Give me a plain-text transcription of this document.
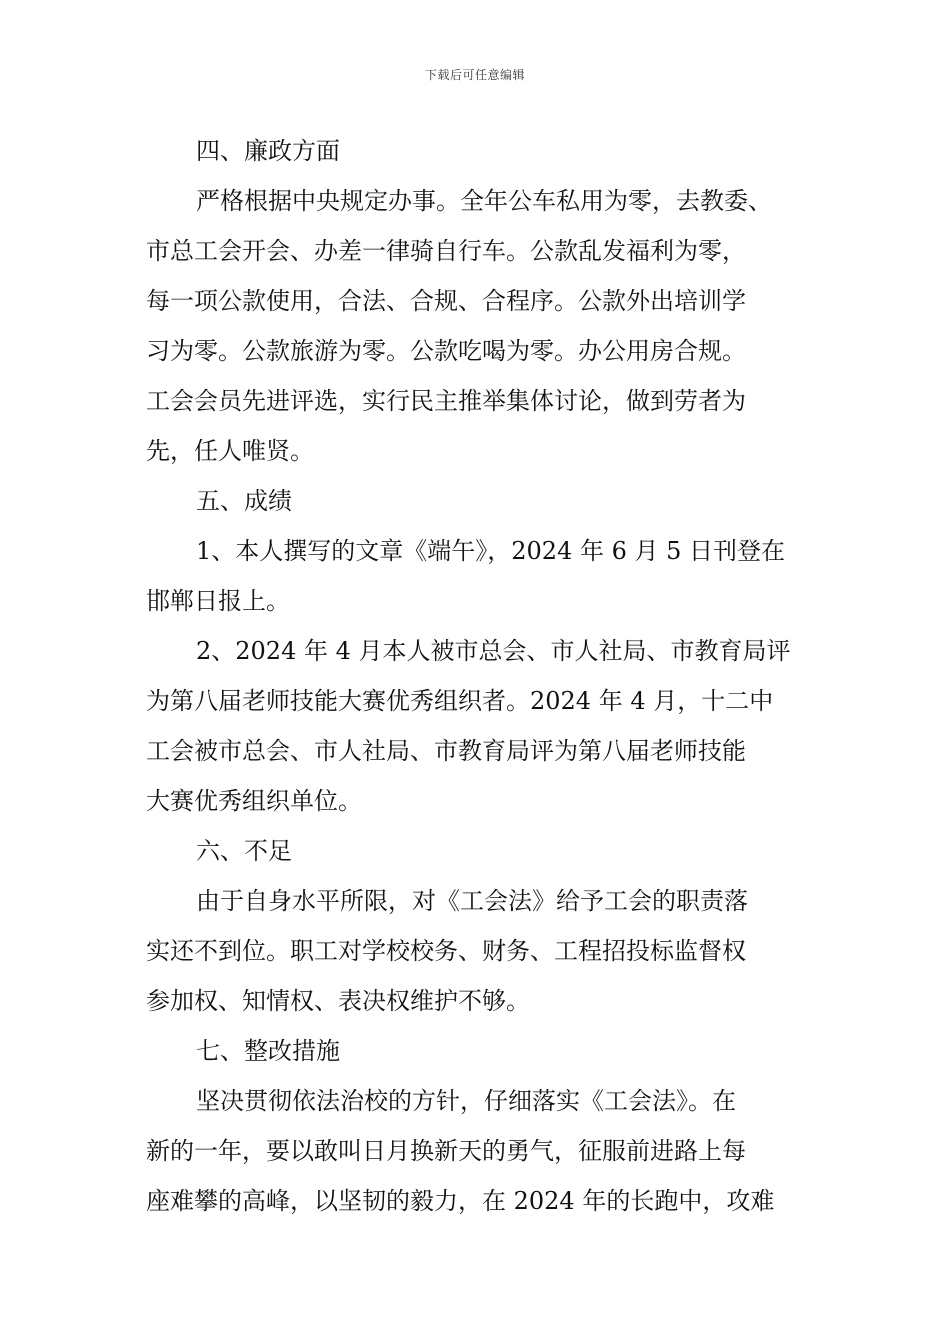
下载后可任意编辑
四、廉政方面
严格根据中央规定办事。全年公车私用为零，去教委、
市总工会开会、办差一律骑自行车。公款乱发福利为零，
每一项公款使用，合法、合规、合程序。公款外出培训学
习为零。公款旅游为零。公款吃喝为零。办公用房合规。
工会会员先进评选，实行民主推举集体讨论，做到劳者为
先，任人唯贤。
五、成绩
1、本人撰写的文章《端午》，2024 年 6 月 5 日刊登在
邯郸日报上。
2、2024 年 4 月本人被市总会、市人社局、市教育局评
为第八届老师技能大赛优秀组织者。2024 年 4 月，十二中
工会被市总会、市人社局、市教育局评为第八届老师技能
大赛优秀组织单位。
六、不足
由于自身水平所限，对《工会法》给予工会的职责落
实还不到位。职工对学校校务、财务、工程招投标监督权
参加权、知情权、表决权维护不够。
七、整改措施
坚决贯彻依法治校的方针，仔细落实《工会法》。在
新的一年，要以敢叫日月换新天的勇气，征服前进路上每
座难攀的高峰，以坚韧的毅力，在 2024 年的长跑中，攻难
